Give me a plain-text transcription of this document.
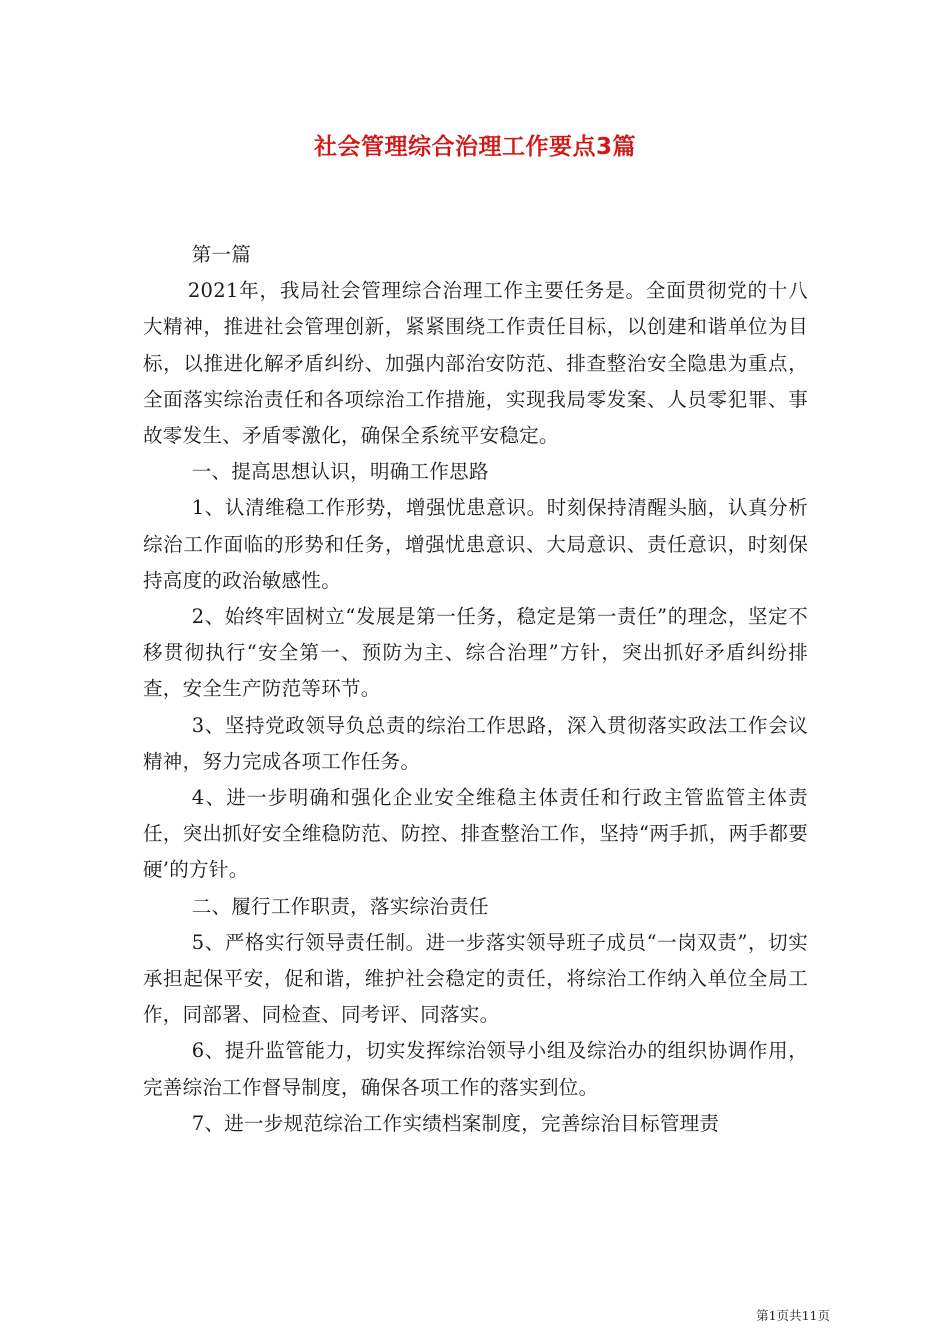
社会管理综合治理工作要点3篇

第一篇

2021年，我局社会管理综合治理工作主要任务是。全面贯彻党的十八大精神，推进社会管理创新，紧紧围绕工作责任目标，以创建和谐单位为目标，以推进化解矛盾纠纷、加强内部治安防范、排查整治安全隐患为重点，全面落实综治责任和各项综治工作措施，实现我局零发案、人员零犯罪、事故零发生、矛盾零激化，确保全系统平安稳定。

一、提高思想认识，明确工作思路

1、认清维稳工作形势，增强忧患意识。时刻保持清醒头脑，认真分析综治工作面临的形势和任务，增强忧患意识、大局意识、责任意识，时刻保持高度的政治敏感性。

2、始终牢固树立“发展是第一任务，稳定是第一责任”的理念，坚定不移贯彻执行“安全第一、预防为主、综合治理”方针，突出抓好矛盾纠纷排查，安全生产防范等环节。

3、坚持党政领导负总责的综治工作思路，深入贯彻落实政法工作会议精神，努力完成各项工作任务。

4、进一步明确和强化企业安全维稳主体责任和行政主管监管主体责任，突出抓好安全维稳防范、防控、排查整治工作，坚持“两手抓，两手都要硬’的方针。

二、履行工作职责，落实综治责任

5、严格实行领导责任制。进一步落实领导班子成员“一岗双责”，切实承担起保平安，促和谐，维护社会稳定的责任，将综治工作纳入单位全局工作，同部署、同检查、同考评、同落实。

6、提升监管能力，切实发挥综治领导小组及综治办的组织协调作用，完善综治工作督导制度，确保各项工作的落实到位。

7、进一步规范综治工作实绩档案制度，完善综治目标管理责

第1页共11页
